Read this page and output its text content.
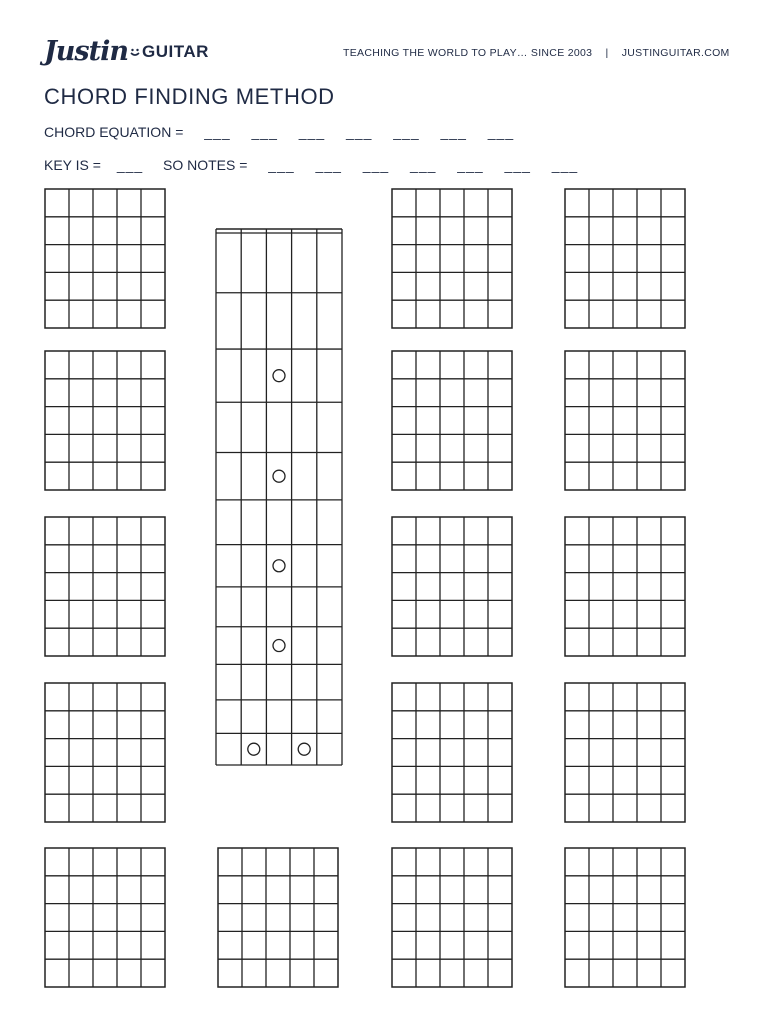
Justin GUITAR	TEACHING THE WORLD TO PLAY… SINCE 2003 | JUSTINGUITAR.COM
CHORD FINDING METHOD
CHORD EQUATION = ___ ___ ___ ___ ___ ___ ___
KEY IS = ___ SO NOTES = ___ ___ ___ ___ ___ ___ ___
